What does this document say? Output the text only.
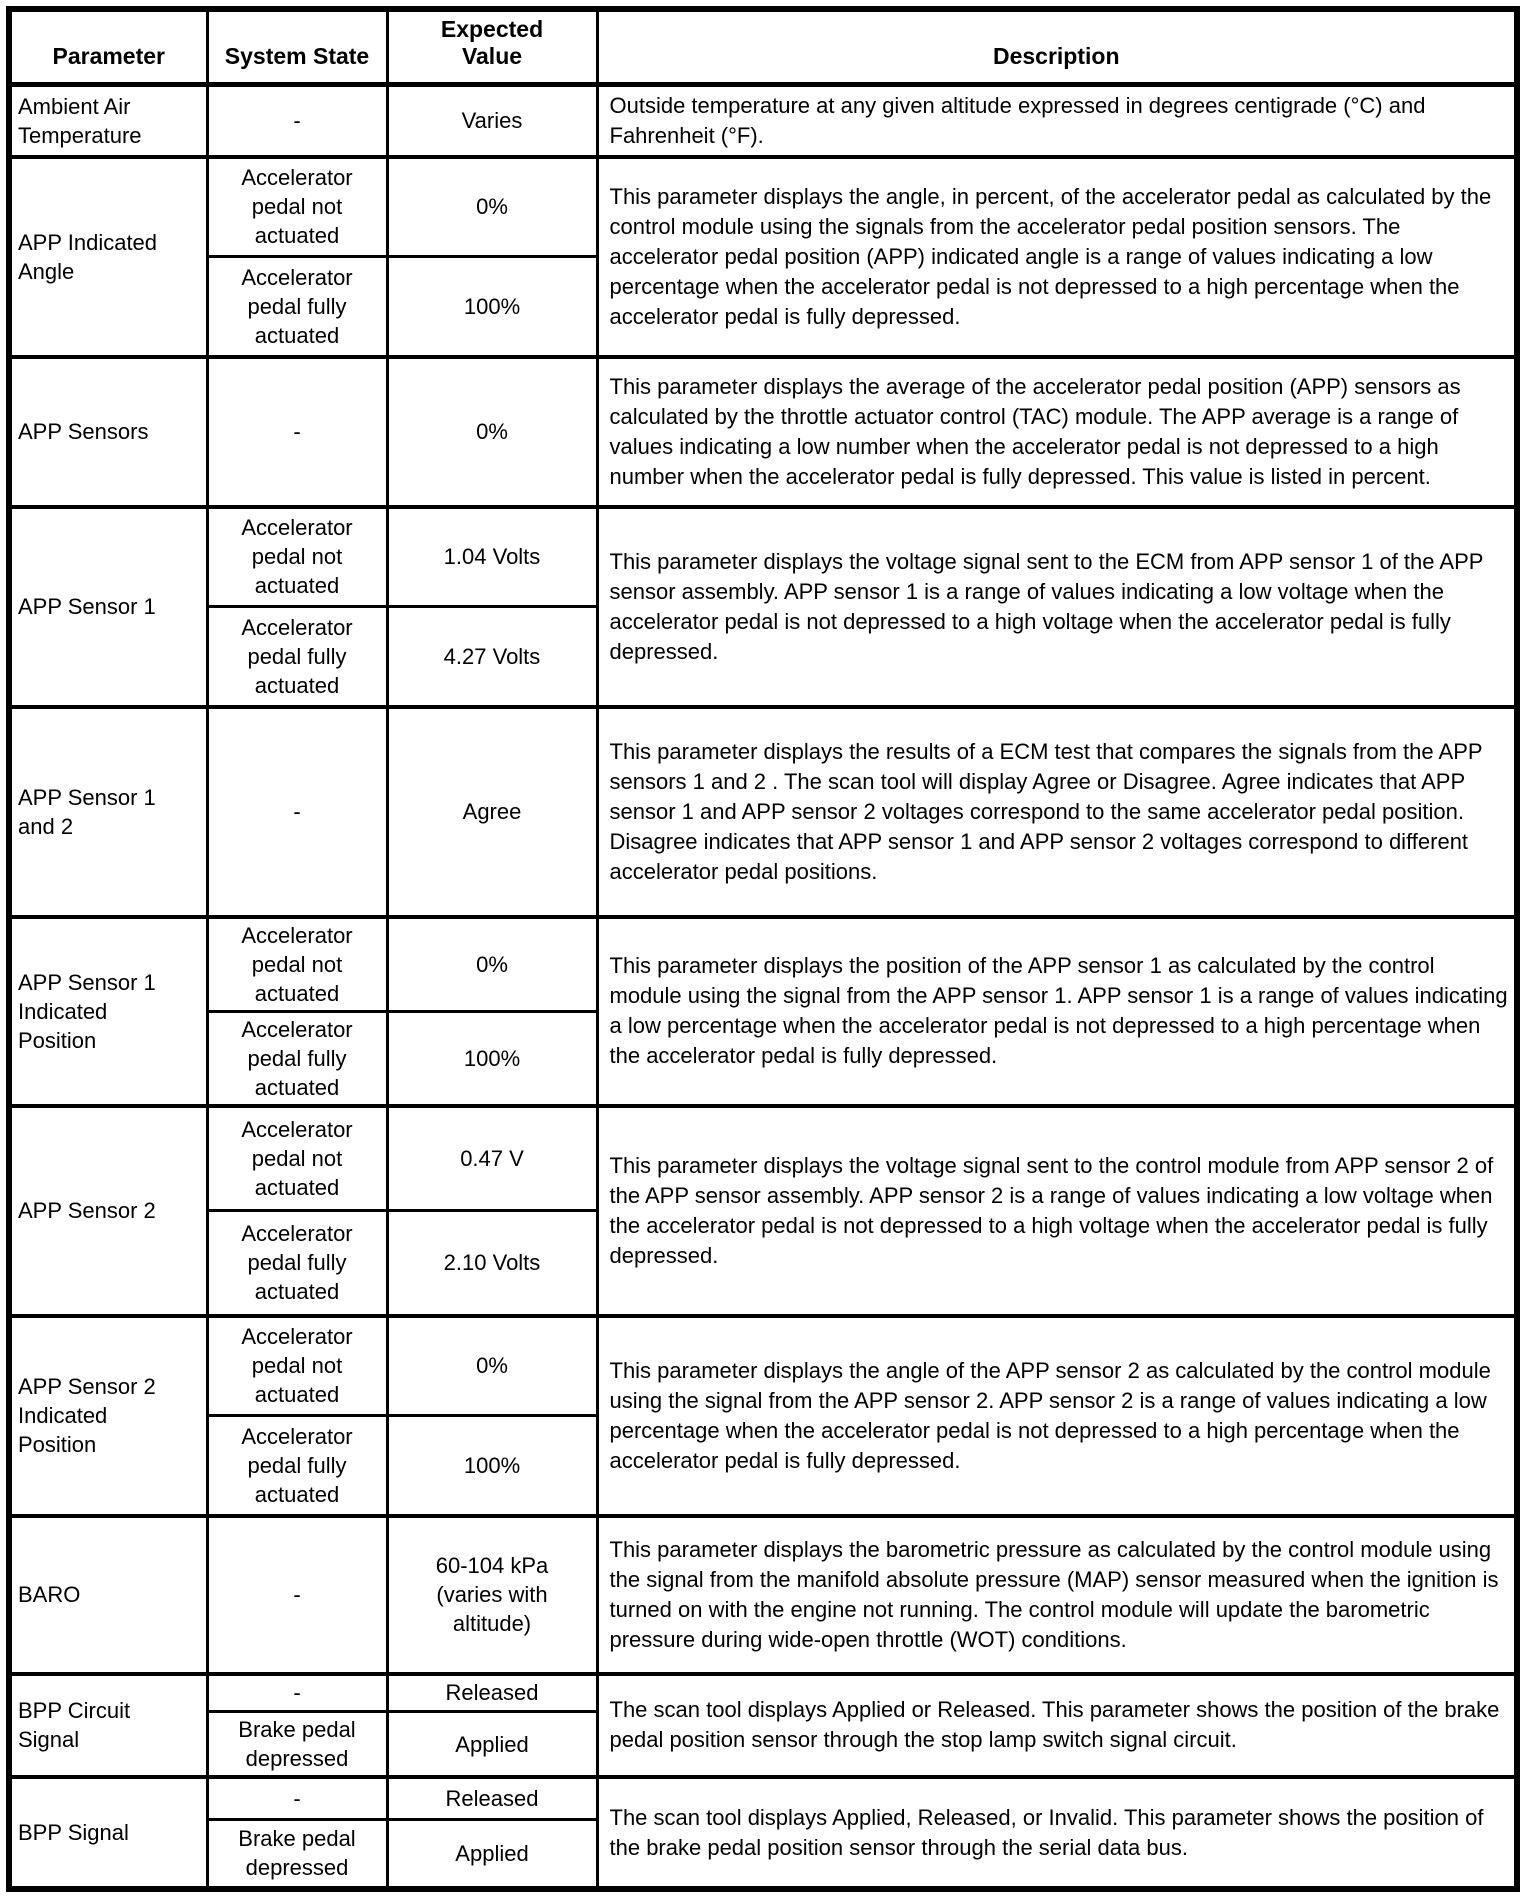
Parameter	System State	Expected Value	Description
Ambient Air Temperature	-	Varies	Outside temperature at any given altitude expressed in degrees centigrade (°C) and Fahrenheit (°F).
APP Indicated Angle	Accelerator pedal not actuated	0%	This parameter displays the angle, in percent, of the accelerator pedal as calculated by the control module using the signals from the accelerator pedal position sensors. The accelerator pedal position (APP) indicated angle is a range of values indicating a low percentage when the accelerator pedal is not depressed to a high percentage when the accelerator pedal is fully depressed.
	Accelerator pedal fully actuated	100%	
APP Sensors	-	0%	This parameter displays the average of the accelerator pedal position (APP) sensors as calculated by the throttle actuator control (TAC) module. The APP average is a range of values indicating a low number when the accelerator pedal is not depressed to a high number when the accelerator pedal is fully depressed. This value is listed in percent.
APP Sensor 1	Accelerator pedal not actuated	1.04 Volts	This parameter displays the voltage signal sent to the ECM from APP sensor 1 of the APP sensor assembly. APP sensor 1 is a range of values indicating a low voltage when the accelerator pedal is not depressed to a high voltage when the accelerator pedal is fully depressed.
	Accelerator pedal fully actuated	4.27 Volts	
APP Sensor 1 and 2	-	Agree	This parameter displays the results of a ECM test that compares the signals from the APP sensors 1 and 2 . The scan tool will display Agree or Disagree. Agree indicates that APP sensor 1 and APP sensor 2 voltages correspond to the same accelerator pedal position. Disagree indicates that APP sensor 1 and APP sensor 2 voltages correspond to different accelerator pedal positions.
APP Sensor 1 Indicated Position	Accelerator pedal not actuated	0%	This parameter displays the position of the APP sensor 1 as calculated by the control module using the signal from the APP sensor 1. APP sensor 1 is a range of values indicating a low percentage when the accelerator pedal is not depressed to a high percentage when the accelerator pedal is fully depressed.
	Accelerator pedal fully actuated	100%	
APP Sensor 2	Accelerator pedal not actuated	0.47 V	This parameter displays the voltage signal sent to the control module from APP sensor 2 of the APP sensor assembly. APP sensor 2 is a range of values indicating a low voltage when the accelerator pedal is not depressed to a high voltage when the accelerator pedal is fully depressed.
	Accelerator pedal fully actuated	2.10 Volts	
APP Sensor 2 Indicated Position	Accelerator pedal not actuated	0%	This parameter displays the angle of the APP sensor 2 as calculated by the control module using the signal from the APP sensor 2. APP sensor 2 is a range of values indicating a low percentage when the accelerator pedal is not depressed to a high percentage when the accelerator pedal is fully depressed.
	Accelerator pedal fully actuated	100%	
BARO	-	60-104 kPa (varies with altitude)	This parameter displays the barometric pressure as calculated by the control module using the signal from the manifold absolute pressure (MAP) sensor measured when the ignition is turned on with the engine not running. The control module will update the barometric pressure during wide-open throttle (WOT) conditions.
BPP Circuit Signal	-	Released	The scan tool displays Applied or Released. This parameter shows the position of the brake pedal position sensor through the stop lamp switch signal circuit.
	Brake pedal depressed	Applied	
BPP Signal	-	Released	The scan tool displays Applied, Released, or Invalid. This parameter shows the position of the brake pedal position sensor through the serial data bus.
	Brake pedal depressed	Applied	
